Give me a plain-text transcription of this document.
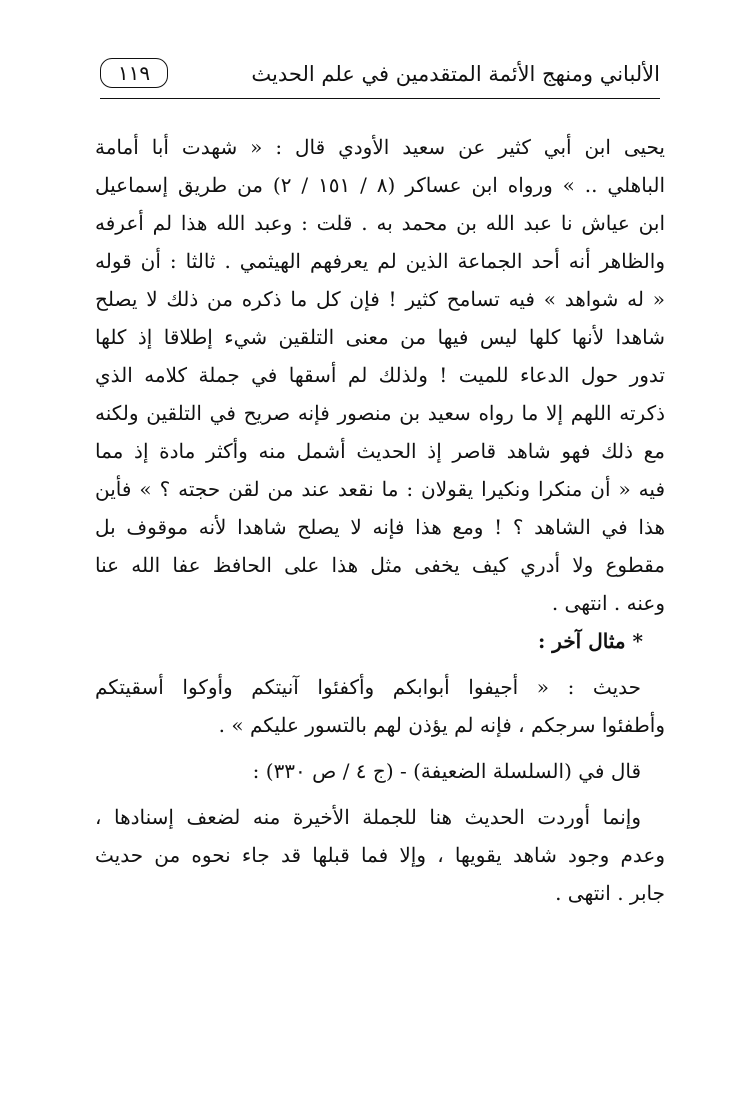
الألباني ومنهج الأئمة المتقدمين في علم الحديث
١١٩
يحيى ابن أبي كثير عن سعيد الأودي قال : « شهدت أبا أمامة
الباهلي .. » ورواه ابن عساكر (٨ / ١٥١ / ٢) من طريق إسماعيل
ابن عياش نا عبد الله بن محمد به . قلت : وعبد الله هذا لم أعرفه
والظاهر أنه أحد الجماعة الذين لم يعرفهم الهيثمي . ثالثا : أن قوله
« له شواهد » فيه تسامح كثير ! فإن كل ما ذكره من ذلك لا يصلح
شاهدا لأنها كلها ليس فيها من معنى التلقين شيء إطلاقا إذ كلها
تدور حول الدعاء للميت ! ولذلك لم أسقها في جملة كلامه الذي
ذكرته اللهم إلا ما رواه سعيد بن منصور فإنه صريح في التلقين ولكنه
مع ذلك فهو شاهد قاصر إذ الحديث أشمل منه وأكثر مادة إذ مما
فيه « أن منكرا ونكيرا يقولان : ما نقعد عند من لقن حجته ؟ » فأين
هذا في الشاهد ؟ ! ومع هذا فإنه لا يصلح شاهدا لأنه موقوف بل
مقطوع ولا أدري كيف يخفى مثل هذا على الحافظ عفا الله عنا
وعنه . انتهى .
* مثال آخر :
حديث : « أجيفوا أبوابكم وأكفئوا آنيتكم وأوكوا أسقيتكم
وأطفئوا سرجكم ، فإنه لم يؤذن لهم بالتسور عليكم » .
قال في (السلسلة الضعيفة) - (ج ٤ / ص ٣٣٠) :
وإنما أوردت الحديث هنا للجملة الأخيرة منه لضعف إسنادها ،
وعدم وجود شاهد يقويها ، وإلا فما قبلها قد جاء نحوه من حديث
جابر . انتهى .
